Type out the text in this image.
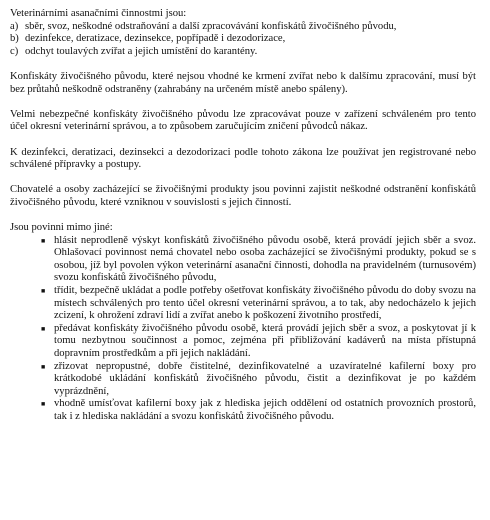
Veterinárními asanačními činnostmi jsou:

a) sběr, svoz, neškodné odstraňování a další zpracovávání konfiskátů živočišného původu,
b) dezinfekce, deratizace, dezinsekce, popřípadě i dezodorizace,
c) odchyt toulavých zvířat a jejich umístění do karantény.

Konfiskáty živočišného původu, které nejsou vhodné ke krmení zvířat nebo k dalšímu zpracování, musí být bez průtahů neškodně odstraněny (zahrabány na určeném místě anebo spáleny).

Velmi nebezpečné konfiskáty živočišného původu lze zpracovávat pouze v zařízení schváleném pro tento účel okresní veterinární správou, a to způsobem zaručujícím zničení původců nákaz.

K dezinfekci, deratizaci, dezinsekci a dezodorizaci podle tohoto zákona lze používat jen registrované nebo schválené přípravky a postupy.

Chovatelé a osoby zacházející se živočišnými produkty jsou povinni zajistit neškodné odstranění konfiskátů živočišného původu, které vzniknou v souvislosti s jejich činností.

Jsou povinni mimo jiné:

■ hlásit neprodleně výskyt konfiskátů živočišného původu osobě, která provádí jejich sběr a svoz. Ohlašovací povinnost nemá chovatel nebo osoba zacházející se živočišnými produkty, pokud se s osobou, jíž byl povolen výkon veterinární asanační činnosti, dohodla na pravidelném (turnusovém) svozu konfiskátů živočišného původu,
■ třídit, bezpečně ukládat a podle potřeby ošetřovat konfiskáty živočišného původu do doby svozu na místech schválených pro tento účel okresní veterinární správou, a to tak, aby nedocházelo k jejich zcizení, k ohrožení zdraví lidí a zvířat anebo k poškození životního prostředí,
■ předávat konfiskáty živočišného původu osobě, která provádí jejich sběr a svoz, a poskytovat jí k tomu nezbytnou součinnost a pomoc, zejména při přibližování kadáverů na místa přístupná dopravním prostředkům a při jejich nakládání.
■ zřizovat nepropustné, dobře čistitelné, dezinfikovatelné a uzavíratelné kafilerní boxy pro krátkodobé ukládání konfiskátů živočišného původu, čistit a dezinfikovat je po každém vyprázdnění,
■ vhodně umísťovat kafilerní boxy jak z hlediska jejich oddělení od ostatních provozních prostorů, tak i z hlediska nakládání a svozu konfiskátů živočišného původu.
